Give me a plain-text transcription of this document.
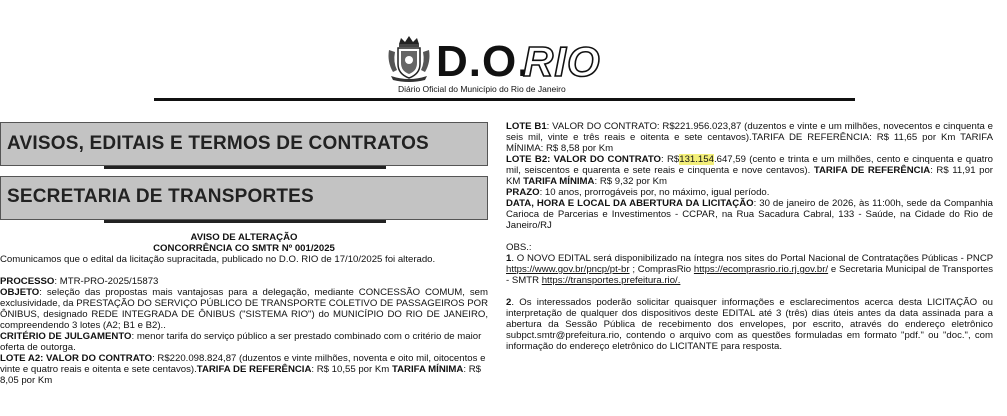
D.O.
RIO
Diário Oficial do Município do Rio de Janeiro
AVISOS, EDITAIS E TERMOS DE CONTRATOS
SECRETARIA DE TRANSPORTES

AVISO DE ALTERAÇÃO

CONCORRÊNCIA CO SMTR Nº 001/2025

Comunicamos que o edital da licitação supracitada, publicado no D.O. RIO de 17/10/2025 foi alterado.

PROCESSO: MTR-PRO-2025/15873

OBJETO: seleção das propostas mais vantajosas para a delegação, mediante CONCESSÃO COMUM, sem exclusividade, da PRESTAÇÃO DO SERVIÇO PÚBLICO DE TRANSPORTE COLETIVO DE PASSAGEIROS POR ÔNIBUS, designado REDE INTEGRADA DE ÔNIBUS ("SISTEMA RIO") do MUNICÍPIO DO RIO DE JANEIRO, compreendendo 3 lotes (A2; B1 e B2)..

CRITÉRIO DE JULGAMENTO: menor tarifa do serviço público a ser prestado combinado com o critério de maior oferta de outorga.

LOTE A2: VALOR DO CONTRATO: R$220.098.824,87 (duzentos e vinte milhões, noventa e oito mil, oitocentos e vinte e quatro reais e oitenta e sete centavos).TARIFA DE REFERÊNCIA: R$ 10,55 por Km TARIFA MÍNIMA: R$ 8,05 por Km

LOTE B1: VALOR DO CONTRATO: R$221.956.023,87 (duzentos e vinte e um milhões, novecentos e cinquenta e seis mil, vinte e três reais e oitenta e sete centavos).TARIFA DE REFERÊNCIA: R$ 11,65 por Km TARIFA MÍNIMA: R$ 8,58 por Km

LOTE B2: VALOR DO CONTRATO: R$131.154.647,59 (cento e trinta e um milhões, cento e cinquenta e quatro mil, seiscentos e quarenta e sete reais e cinquenta e nove centavos). TARIFA DE REFERÊNCIA: R$ 11,91 por KM TARIFA MÍNIMA: R$ 9,32 por Km

PRAZO: 10 anos, prorrogáveis por, no máximo, igual período.

DATA, HORA E LOCAL DA ABERTURA DA LICITAÇÃO: 30 de janeiro de 2026, às 11:00h, sede da Companhia Carioca de Parcerias e Investimentos - CCPAR, na Rua Sacadura Cabral, 133 - Saúde, na Cidade do Rio de Janeiro/RJ

OBS.:

1. O NOVO EDITAL será disponibilizado na íntegra nos sites do Portal Nacional de Contratações Públicas - PNCP https://www.gov.br/pncp/pt-br ; ComprasRio https://ecomprasrio.rio.rj.gov.br/ e Secretaria Municipal de Transportes - SMTR https://transportes.prefeitura.rio/.

2. Os interessados poderão solicitar quaisquer informações e esclarecimentos acerca desta LICITAÇÃO ou interpretação de qualquer dos dispositivos deste EDITAL até 3 (três) dias úteis antes da data assinada para a abertura da Sessão Pública de recebimento dos envelopes, por escrito, através do endereço eletrônico subpct.smtr@prefeitura.rio, contendo o arquivo com as questões formuladas em formato "pdf." ou "doc.", com informação do endereço eletrônico do LICITANTE para resposta.
